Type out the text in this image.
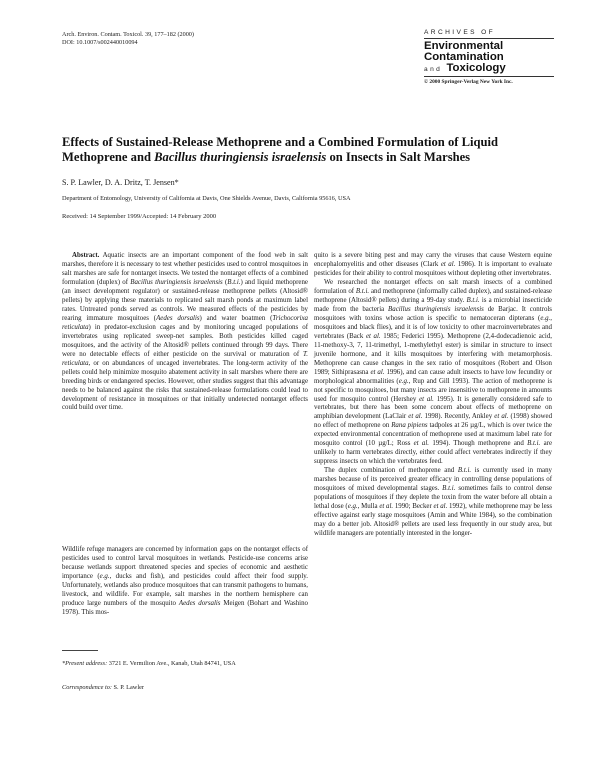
Arch. Environ. Contam. Toxicol. 39, 177–182 (2000)
DOI: 10.1007/s002440010094
ARCHIVES OF
Environmental
Contamination
and Toxicology
© 2000 Springer-Verlag New York Inc.
Effects of Sustained-Release Methoprene and a Combined Formulation of Liquid Methoprene and Bacillus thuringiensis israelensis on Insects in Salt Marshes
S. P. Lawler, D. A. Dritz, T. Jensen*
Department of Entomology, University of California at Davis, One Shields Avenue, Davis, California 95616, USA
Received: 14 September 1999/Accepted: 14 February 2000

Abstract. Aquatic insects are an important component of the food web in salt marshes, therefore it is necessary to test whether pesticides used to control mosquitoes in salt marshes are safe for nontarget insects. We tested the nontarget effects of a combined formulation (duplex) of Bacillus thuringiensis israelensis (B.t.i.) and liquid methoprene (an insect development regulator) or sustained-release methoprene pellets (Altosid® pellets) by applying these materials to replicated salt marsh ponds at maximum label rates. Untreated ponds served as controls. We measured effects of the pesticides by rearing immature mosquitoes (Aedes dorsalis) and water boatmen (Trichocorixa reticulata) in predator-exclusion cages and by monitoring uncaged populations of invertebrates using replicated sweep-net samples. Both pesticides killed caged mosquitoes, and the activity of the Altosid® pellets continued through 99 days. There were no detectable effects of either pesticide on the survival or maturation of T. reticulata, or on abundances of uncaged invertebrates. The long-term activity of the pellets could help minimize mosquito abatement activity in salt marshes where there are breeding birds or endangered species. However, other studies suggest that this advantage needs to be balanced against the risks that sustained-release formulations could lead to development of resistance in mosquitoes or that initially undetected nontarget effects could build over time.

Wildlife refuge managers are concerned by information gaps on the nontarget effects of pesticides used to control larval mosquitoes in wetlands. Pesticide-use concerns arise because wetlands support threatened species and species of economic and aesthetic importance (e.g., ducks and fish), and pesticides could affect their food supply. Unfortunately, wetlands also produce mosquitoes that can transmit pathogens to humans, livestock, and wildlife. For example, salt marshes in the northern hemisphere can produce large numbers of the mosquito Aedes dorsalis Meigen (Bohart and Washino 1978). This mos-

*Present address: 3721 E. Vermilion Ave., Kanab, Utah 84741, USA
Correspondence to: S. P. Lawler

quito is a severe biting pest and may carry the viruses that cause Western equine encephalomyelitis and other diseases (Clark et al. 1986). It is important to evaluate pesticides for their ability to control mosquitoes without depleting other invertebrates.

We researched the nontarget effects on salt marsh insects of a combined formulation of B.t.i. and methoprene (informally called duplex), and sustained-release methoprene (Altosid® pellets) during a 99-day study. B.t.i. is a microbial insecticide made from the bacteria Bacillus thuringiensis israelensis de Barjac. It controls mosquitoes with toxins whose action is specific to nematoceran dipterans (e.g., mosquitoes and black flies), and it is of low toxicity to other macroinvertebrates and vertebrates (Back et al. 1985; Federici 1995). Methoprene (2,4-dodecadienoic acid, 11-methoxy-3, 7, 11-trimethyl, 1-methylethyl ester) is similar in structure to insect juvenile hormone, and it kills mosquitoes by interfering with metamorphosis. Methoprene can cause changes in the sex ratio of mosquitoes (Robert and Olson 1989; Sithiprasasna et al. 1996), and can cause adult insects to have low fecundity or morphological abnormalities (e.g., Rup and Gill 1993). The action of methoprene is not specific to mosquitoes, but many insects are insensitive to methoprene in amounts used for mosquito control (Hershey et al. 1995). It is generally considered safe to vertebrates, but there has been some concern about effects of methoprene on amphibian development (LaClair et al. 1998). Recently, Ankley et al. (1998) showed no effect of methoprene on Rana pipiens tadpoles at 26 µg/L, which is over twice the expected environmental concentration of methoprene used at maximum label rate for mosquito control (10 µg/L; Ross et al. 1994). Though methoprene and B.t.i. are unlikely to harm vertebrates directly, either could affect vertebrates indirectly if they suppress insects on which the vertebrates feed.

The duplex combination of methoprene and B.t.i. is currently used in many marshes because of its perceived greater efficacy in controlling dense populations of mosquitoes of mixed developmental stages. B.t.i. sometimes fails to control dense populations of mosquitoes if they deplete the toxin from the water before all obtain a lethal dose (e.g., Mulla et al. 1990; Becker et al. 1992), while methoprene may be less effective against early stage mosquitoes (Amin and White 1984), so the combination may do a better job. Altosid® pellets are used less frequently in our study area, but wildlife managers are potentially interested in the longer-
